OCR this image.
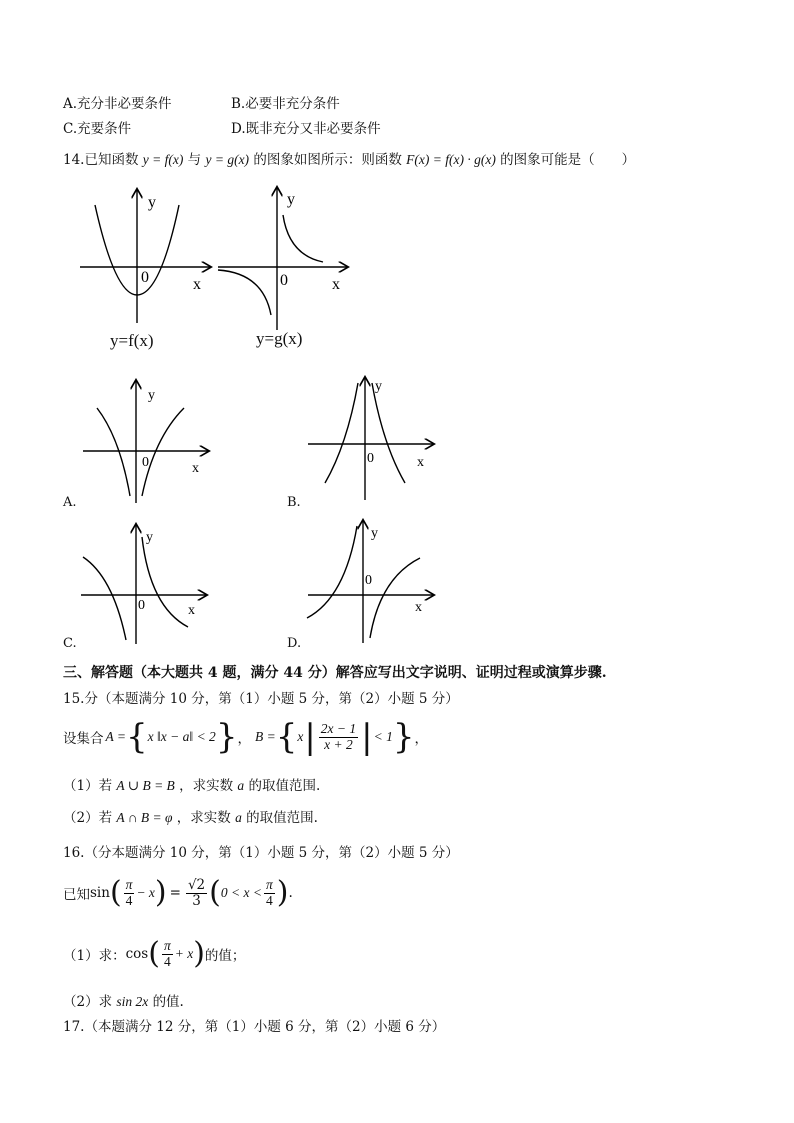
A.充分非必要条件	B.必要非充分条件
C.充要条件	D.既非充分又非必要条件
14.已知函数 y = f(x) 与 y = g(x) 的图象如图所示：则函数 F(x) = f(x) · g(x) 的图象可能是（　　）
y
x
0
y=f(x)
y
x
0
y=g(x)
y
x
0
A.
y
x
0
B.
y
x
0
C.
y
x
0
D.
三、解答题（本大题共 4 题，满分 44 分）解答应写出文字说明、证明过程或演算步骤.
15.分（本题满分 10 分，第（1）小题 5 分，第（2）小题 5 分）
设集合 A = { x ‖x − a‖ < 2 } ， B = { x | $\frac{2x - 1}{x + 2}$ | < 1 } ，
（1）若 A ∪ B = B ，求实数 a 的取值范围.
（2）若 A ∩ B = φ ，求实数 a 的取值范围.
16.（分本题满分 10 分，第（1）小题 5 分，第（2）小题 5 分）
已知 sin ( $\frac{\pi}{4} - x$ ) = $\frac{√2}{3}$ ( $0 < x < \frac{\pi}{4}$ ) .
（1）求： cos ( $\frac{\pi}{4} + x$ ) 的值；
（2）求 sin 2x 的值.
17.（本题满分 12 分，第（1）小题 6 分，第（2）小题 6 分）
